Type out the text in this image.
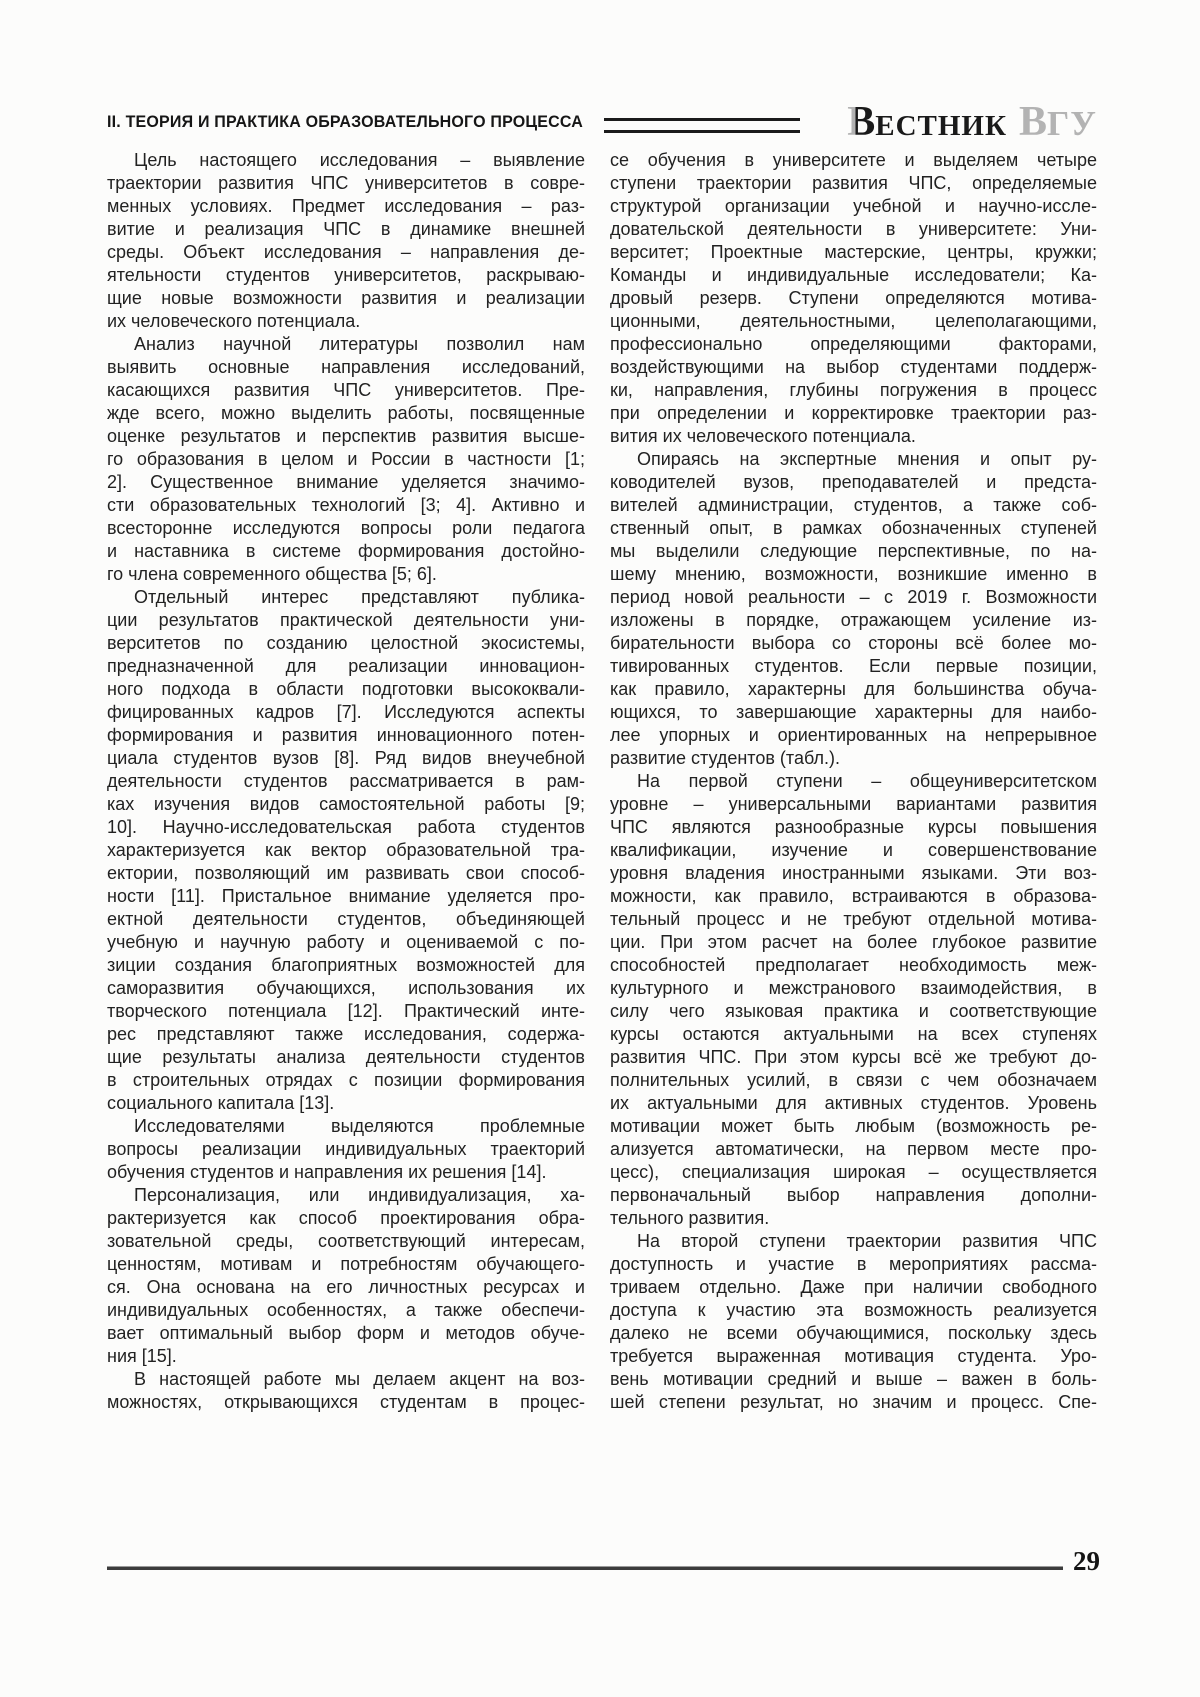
II. ТЕОРИЯ И ПРАКТИКА ОБРАЗОВАТЕЛЬНОГО ПРОЦЕССА	ВЕСТНИК ВГУ
Цель настоящего исследования – выявление
траектории развития ЧПС университетов в совре-
менных условиях. Предмет исследования – раз-
витие и реализация ЧПС в динамике внешней
среды. Объект исследования – направления де-
ятельности студентов университетов, раскрываю-
щие новые возможности развития и реализации
их человеческого потенциала.
Анализ научной литературы позволил нам
выявить основные направления исследований,
касающихся развития ЧПС университетов. Пре-
жде всего, можно выделить работы, посвященные
оценке результатов и перспектив развития высше-
го образования в целом и России в частности [1;
2]. Существенное внимание уделяется значимо-
сти образовательных технологий [3; 4]. Активно и
всесторонне исследуются вопросы роли педагога
и наставника в системе формирования достойно-
го члена современного общества [5; 6].
Отдельный интерес представляют публика-
ции результатов практической деятельности уни-
верситетов по созданию целостной экосистемы,
предназначенной для реализации инновацион-
ного подхода в области подготовки высококвали-
фицированных кадров [7]. Исследуются аспекты
формирования и развития инновационного потен-
циала студентов вузов [8]. Ряд видов внеучебной
деятельности студентов рассматривается в рам-
ках изучения видов самостоятельной работы [9;
10]. Научно-исследовательская работа студентов
характеризуется как вектор образовательной тра-
ектории, позволяющий им развивать свои способ-
ности [11]. Пристальное внимание уделяется про-
ектной деятельности студентов, объединяющей
учебную и научную работу и оцениваемой с по-
зиции создания благоприятных возможностей для
саморазвития обучающихся, использования их
творческого потенциала [12]. Практический инте-
рес представляют также исследования, содержа-
щие результаты анализа деятельности студентов
в строительных отрядах с позиции формирования
социального капитала [13].
Исследователями выделяются проблемные
вопросы реализации индивидуальных траекторий
обучения студентов и направления их решения [14].
Персонализация, или индивидуализация, ха-
рактеризуется как способ проектирования обра-
зовательной среды, соответствующий интересам,
ценностям, мотивам и потребностям обучающего-
ся. Она основана на его личностных ресурсах и
индивидуальных особенностях, а также обеспечи-
вает оптимальный выбор форм и методов обуче-
ния [15].
В настоящей работе мы делаем акцент на воз-
можностях, открывающихся студентам в процес-
се обучения в университете и выделяем четыре
ступени траектории развития ЧПС, определяемые
структурой организации учебной и научно-иссле-
довательской деятельности в университете: Уни-
верситет; Проектные мастерские, центры, кружки;
Команды и индивидуальные исследователи; Ка-
дровый резерв. Ступени определяются мотива-
ционными, деятельностными, целеполагающими,
профессионально определяющими факторами,
воздействующими на выбор студентами поддерж-
ки, направления, глубины погружения в процесс
при определении и корректировке траектории раз-
вития их человеческого потенциала.
Опираясь на экспертные мнения и опыт ру-
ководителей вузов, преподавателей и предста-
вителей администрации, студентов, а также соб-
ственный опыт, в рамках обозначенных ступеней
мы выделили следующие перспективные, по на-
шему мнению, возможности, возникшие именно в
период новой реальности – с 2019 г. Возможности
изложены в порядке, отражающем усиление из-
бирательности выбора со стороны всё более мо-
тивированных студентов. Если первые позиции,
как правило, характерны для большинства обуча-
ющихся, то завершающие характерны для наибо-
лее упорных и ориентированных на непрерывное
развитие студентов (табл.).
На первой ступени – общеуниверситетском
уровне – универсальными вариантами развития
ЧПС являются разнообразные курсы повышения
квалификации, изучение и совершенствование
уровня владения иностранными языками. Эти воз-
можности, как правило, встраиваются в образова-
тельный процесс и не требуют отдельной мотива-
ции. При этом расчет на более глубокое развитие
способностей предполагает необходимость меж-
культурного и межстранового взаимодействия, в
силу чего языковая практика и соответствующие
курсы остаются актуальными на всех ступенях
развития ЧПС. При этом курсы всё же требуют до-
полнительных усилий, в связи с чем обозначаем
их актуальными для активных студентов. Уровень
мотивации может быть любым (возможность ре-
ализуется автоматически, на первом месте про-
цесс), специализация широкая – осуществляется
первоначальный выбор направления дополни-
тельного развития.
На второй ступени траектории развития ЧПС
доступность и участие в мероприятиях рассма-
триваем отдельно. Даже при наличии свободного
доступа к участию эта возможность реализуется
далеко не всеми обучающимися, поскольку здесь
требуется выраженная мотивация студента. Уро-
вень мотивации средний и выше – важен в боль-
шей степени результат, но значим и процесс. Спе-
29
